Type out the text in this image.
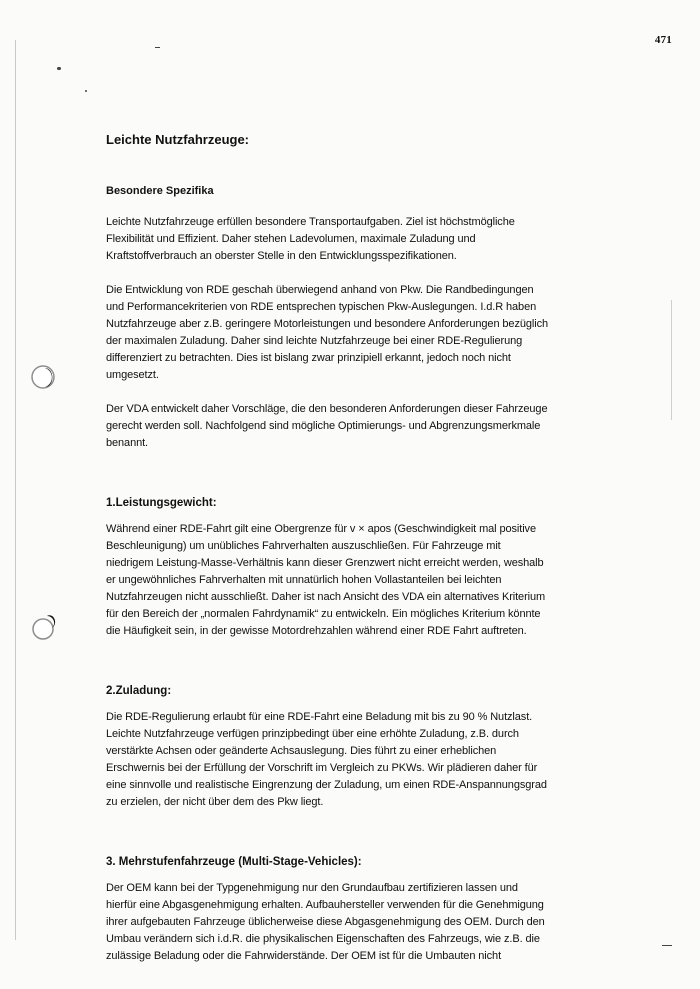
471
Leichte Nutzfahrzeuge:
Besondere Spezifika

Leichte Nutzfahrzeuge erfüllen besondere Transportaufgaben. Ziel ist höchstmögliche
Flexibilität und Effizient. Daher stehen Ladevolumen, maximale Zuladung und
Kraftstoffverbrauch an oberster Stelle in den Entwicklungsspezifikationen.

Die Entwicklung von RDE geschah überwiegend anhand von Pkw. Die Randbedingungen
und Performancekriterien von RDE entsprechen typischen Pkw-Auslegungen. I.d.R haben
Nutzfahrzeuge aber z.B. geringere Motorleistungen und besondere Anforderungen bezüglich
der maximalen Zuladung. Daher sind leichte Nutzfahrzeuge bei einer RDE-Regulierung
differenziert zu betrachten. Dies ist bislang zwar prinzipiell erkannt, jedoch noch nicht
umgesetzt.

Der VDA entwickelt daher Vorschläge, die den besonderen Anforderungen dieser Fahrzeuge
gerecht werden soll. Nachfolgend sind mögliche Optimierungs- und Abgrenzungsmerkmale
benannt.

1.Leistungsgewicht:

Während einer RDE-Fahrt gilt eine Obergrenze für v × apos (Geschwindigkeit mal positive
Beschleunigung) um unübliches Fahrverhalten auszuschließen. Für Fahrzeuge mit
niedrigem Leistung-Masse-Verhältnis kann dieser Grenzwert nicht erreicht werden, weshalb
er ungewöhnliches Fahrverhalten mit unnatürlich hohen Vollastanteilen bei leichten
Nutzfahrzeugen nicht ausschließt. Daher ist nach Ansicht des VDA ein alternatives Kriterium
für den Bereich der „normalen Fahrdynamik“ zu entwickeln. Ein mögliches Kriterium könnte
die Häufigkeit sein, in der gewisse Motordrehzahlen während einer RDE Fahrt auftreten.

2.Zuladung:

Die RDE-Regulierung erlaubt für eine RDE-Fahrt eine Beladung mit bis zu 90 % Nutzlast.
Leichte Nutzfahrzeuge verfügen prinzipbedingt über eine erhöhte Zuladung, z.B. durch
verstärkte Achsen oder geänderte Achsauslegung. Dies führt zu einer erheblichen
Erschwernis bei der Erfüllung der Vorschrift im Vergleich zu PKWs. Wir plädieren daher für
eine sinnvolle und realistische Eingrenzung der Zuladung, um einen RDE-Anspannungsgrad
zu erzielen, der nicht über dem des Pkw liegt.

3. Mehrstufenfahrzeuge (Multi-Stage-Vehicles):

Der OEM kann bei der Typgenehmigung nur den Grundaufbau zertifizieren lassen und
hierfür eine Abgasgenehmigung erhalten. Aufbauhersteller verwenden für die Genehmigung
ihrer aufgebauten Fahrzeuge üblicherweise diese Abgasgenehmigung des OEM. Durch den
Umbau verändern sich i.d.R. die physikalischen Eigenschaften des Fahrzeugs, wie z.B. die
zulässige Beladung oder die Fahrwiderstände. Der OEM ist für die Umbauten nicht
